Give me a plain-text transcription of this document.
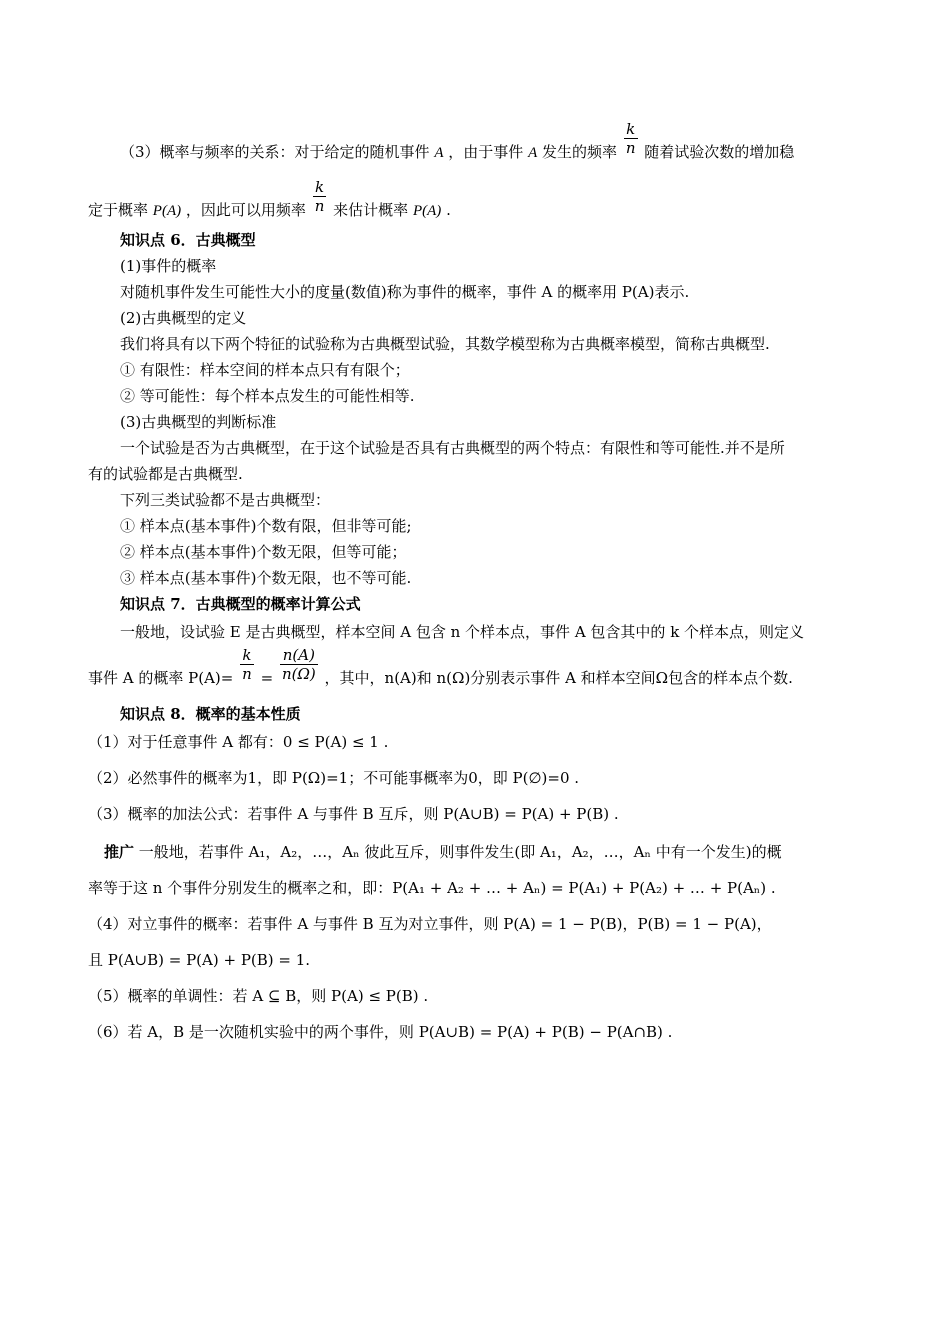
（3）概率与频率的关系：对于给定的随机事件 A ，由于事件 A 发生的频率 $\frac{k}{n}$ 随着试验次数的增加稳
定于概率 P(A) ，因此可以用频率 $\frac{k}{n}$ 来估计概率 P(A) .
知识点 6．古典概型
(1)事件的概率
对随机事件发生可能性大小的度量(数值)称为事件的概率，事件 A 的概率用 P(A)表示.
(2)古典概型的定义
我们将具有以下两个特征的试验称为古典概型试验，其数学模型称为古典概率模型，简称古典概型.
① 有限性：样本空间的样本点只有有限个；
② 等可能性：每个样本点发生的可能性相等.
(3)古典概型的判断标准
一个试验是否为古典概型，在于这个试验是否具有古典概型的两个特点：有限性和等可能性.并不是所
有的试验都是古典概型.
下列三类试验都不是古典概型：
① 样本点(基本事件)个数有限，但非等可能;
② 样本点(基本事件)个数无限，但等可能；
③ 样本点(基本事件)个数无限，也不等可能.
知识点 7．古典概型的概率计算公式
一般地，设试验 E 是古典概型，样本空间 A 包含 n 个样本点，事件 A 包含其中的 k 个样本点，则定义
事件 A 的概率 $P(A)= \frac{k}{n} = \frac{n(A)}{n(\Omega)}$ ，其中，n(A)和 n(Ω)分别表示事件 A 和样本空间Ω包含的样本点个数.
知识点 8．概率的基本性质
（1）对于任意事件 A 都有：0 ≤ P(A) ≤ 1 .
（2）必然事件的概率为1，即 P(Ω)=1；不可能事概率为0，即 P(∅)=0 .
（3）概率的加法公式：若事件 A 与事件 B 互斥，则 P(A∪B) = P(A) + P(B) .
推广 一般地，若事件 A₁，A₂，…，Aₙ 彼此互斥，则事件发生(即 A₁，A₂，…，Aₙ 中有一个发生)的概
率等于这 n 个事件分别发生的概率之和，即：P(A₁ + A₂ + … + Aₙ) = P(A₁) + P(A₂) + … + P(Aₙ) .
（4）对立事件的概率：若事件 A 与事件 B 互为对立事件，则 P(A) = 1 − P(B)，P(B) = 1 − P(A)，
且 P(A∪B) = P(A) + P(B) = 1.
（5）概率的单调性：若 A ⊆ B，则 P(A) ≤ P(B) .
（6）若 A，B 是一次随机实验中的两个事件，则 P(A∪B) = P(A) + P(B) − P(A∩B) .
